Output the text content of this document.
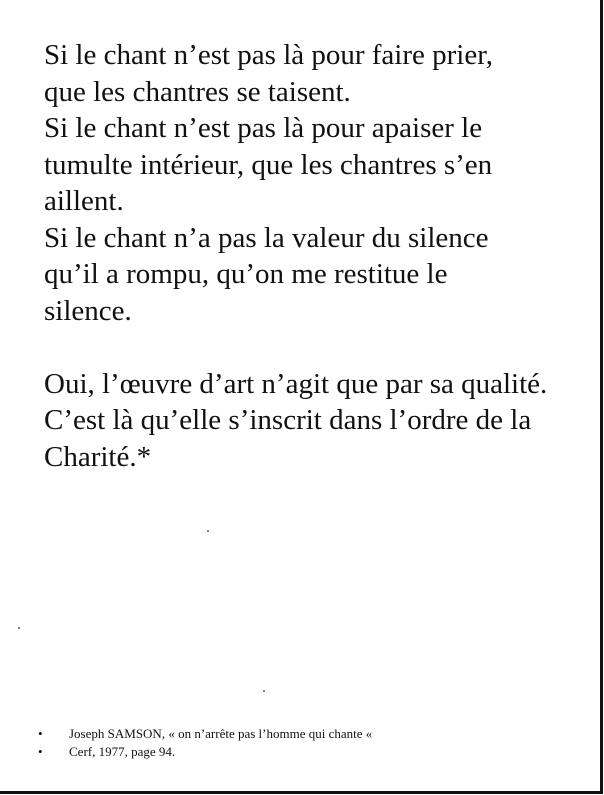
Si le chant n’est pas là pour faire prier,

que les chantres se taisent.

Si le chant n’est pas là pour apaiser le

tumulte intérieur, que les chantres s’en

aillent.

Si le chant n’a pas la valeur du silence

qu’il a rompu, qu’on me restitue le

silence.

Oui, l’œuvre d’art n’agit que par sa qualité.

C’est là qu’elle s’inscrit dans l’ordre de la

Charité.*

• Joseph SAMSON, « on n’arrête pas l’homme qui chante «
• Cerf, 1977, page 94.
